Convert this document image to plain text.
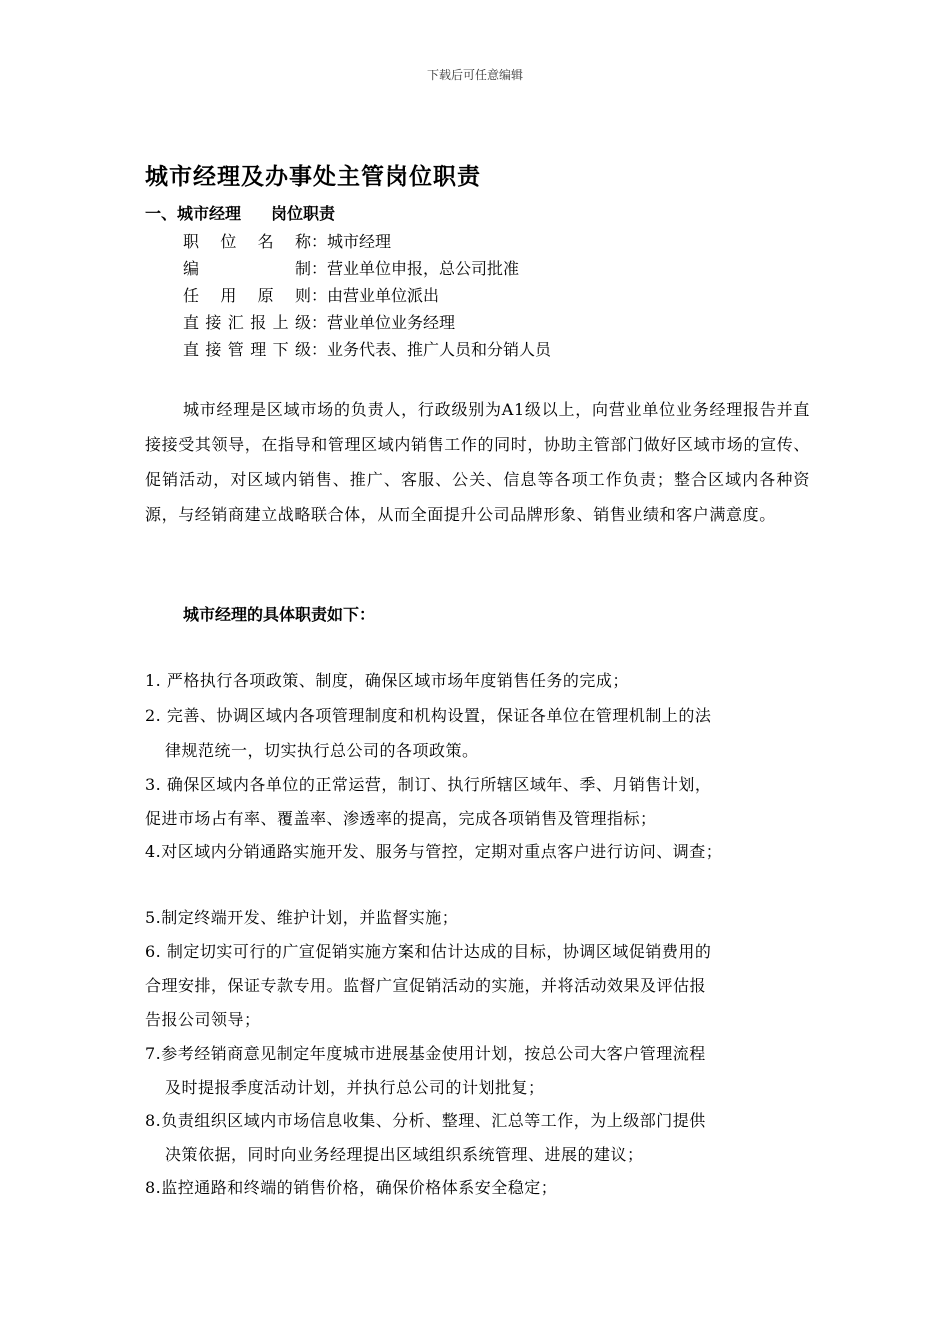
下载后可任意编辑
城市经理及办事处主管岗位职责
一、城市经理 岗位职责
职位名称：城市经理
编制：营业单位申报，总公司批准
任用原则：由营业单位派出
直接汇报上级：营业单位业务经理
直接管理下级：业务代表、推广人员和分销人员

城市经理是区域市场的负责人，行政级别为A1级以上，向营业单位业务经理报告并直接接受其领导，在指导和管理区域内销售工作的同时，协助主管部门做好区域市场的宣传、促销活动，对区域内销售、推广、客服、公关、信息等各项工作负责；整合区域内各种资源，与经销商建立战略联合体，从而全面提升公司品牌形象、销售业绩和客户满意度。

城市经理的具体职责如下：
1. 严格执行各项政策、制度，确保区域市场年度销售任务的完成；
2. 完善、协调区域内各项管理制度和机构设置，保证各单位在管理机制上的法
律规范统一，切实执行总公司的各项政策。
3. 确保区域内各单位的正常运营，制订、执行所辖区域年、季、月销售计划，
促进市场占有率、覆盖率、渗透率的提高，完成各项销售及管理指标；
4.对区域内分销通路实施开发、服务与管控，定期对重点客户进行访问、调查；
5.制定终端开发、维护计划，并监督实施；
6. 制定切实可行的广宣促销实施方案和估计达成的目标，协调区域促销费用的
合理安排，保证专款专用。监督广宣促销活动的实施，并将活动效果及评估报
告报公司领导；
7.参考经销商意见制定年度城市进展基金使用计划，按总公司大客户管理流程
及时提报季度活动计划，并执行总公司的计划批复；
8.负责组织区域内市场信息收集、分析、整理、汇总等工作，为上级部门提供
决策依据，同时向业务经理提出区域组织系统管理、进展的建议；
8.监控通路和终端的销售价格，确保价格体系安全稳定；
